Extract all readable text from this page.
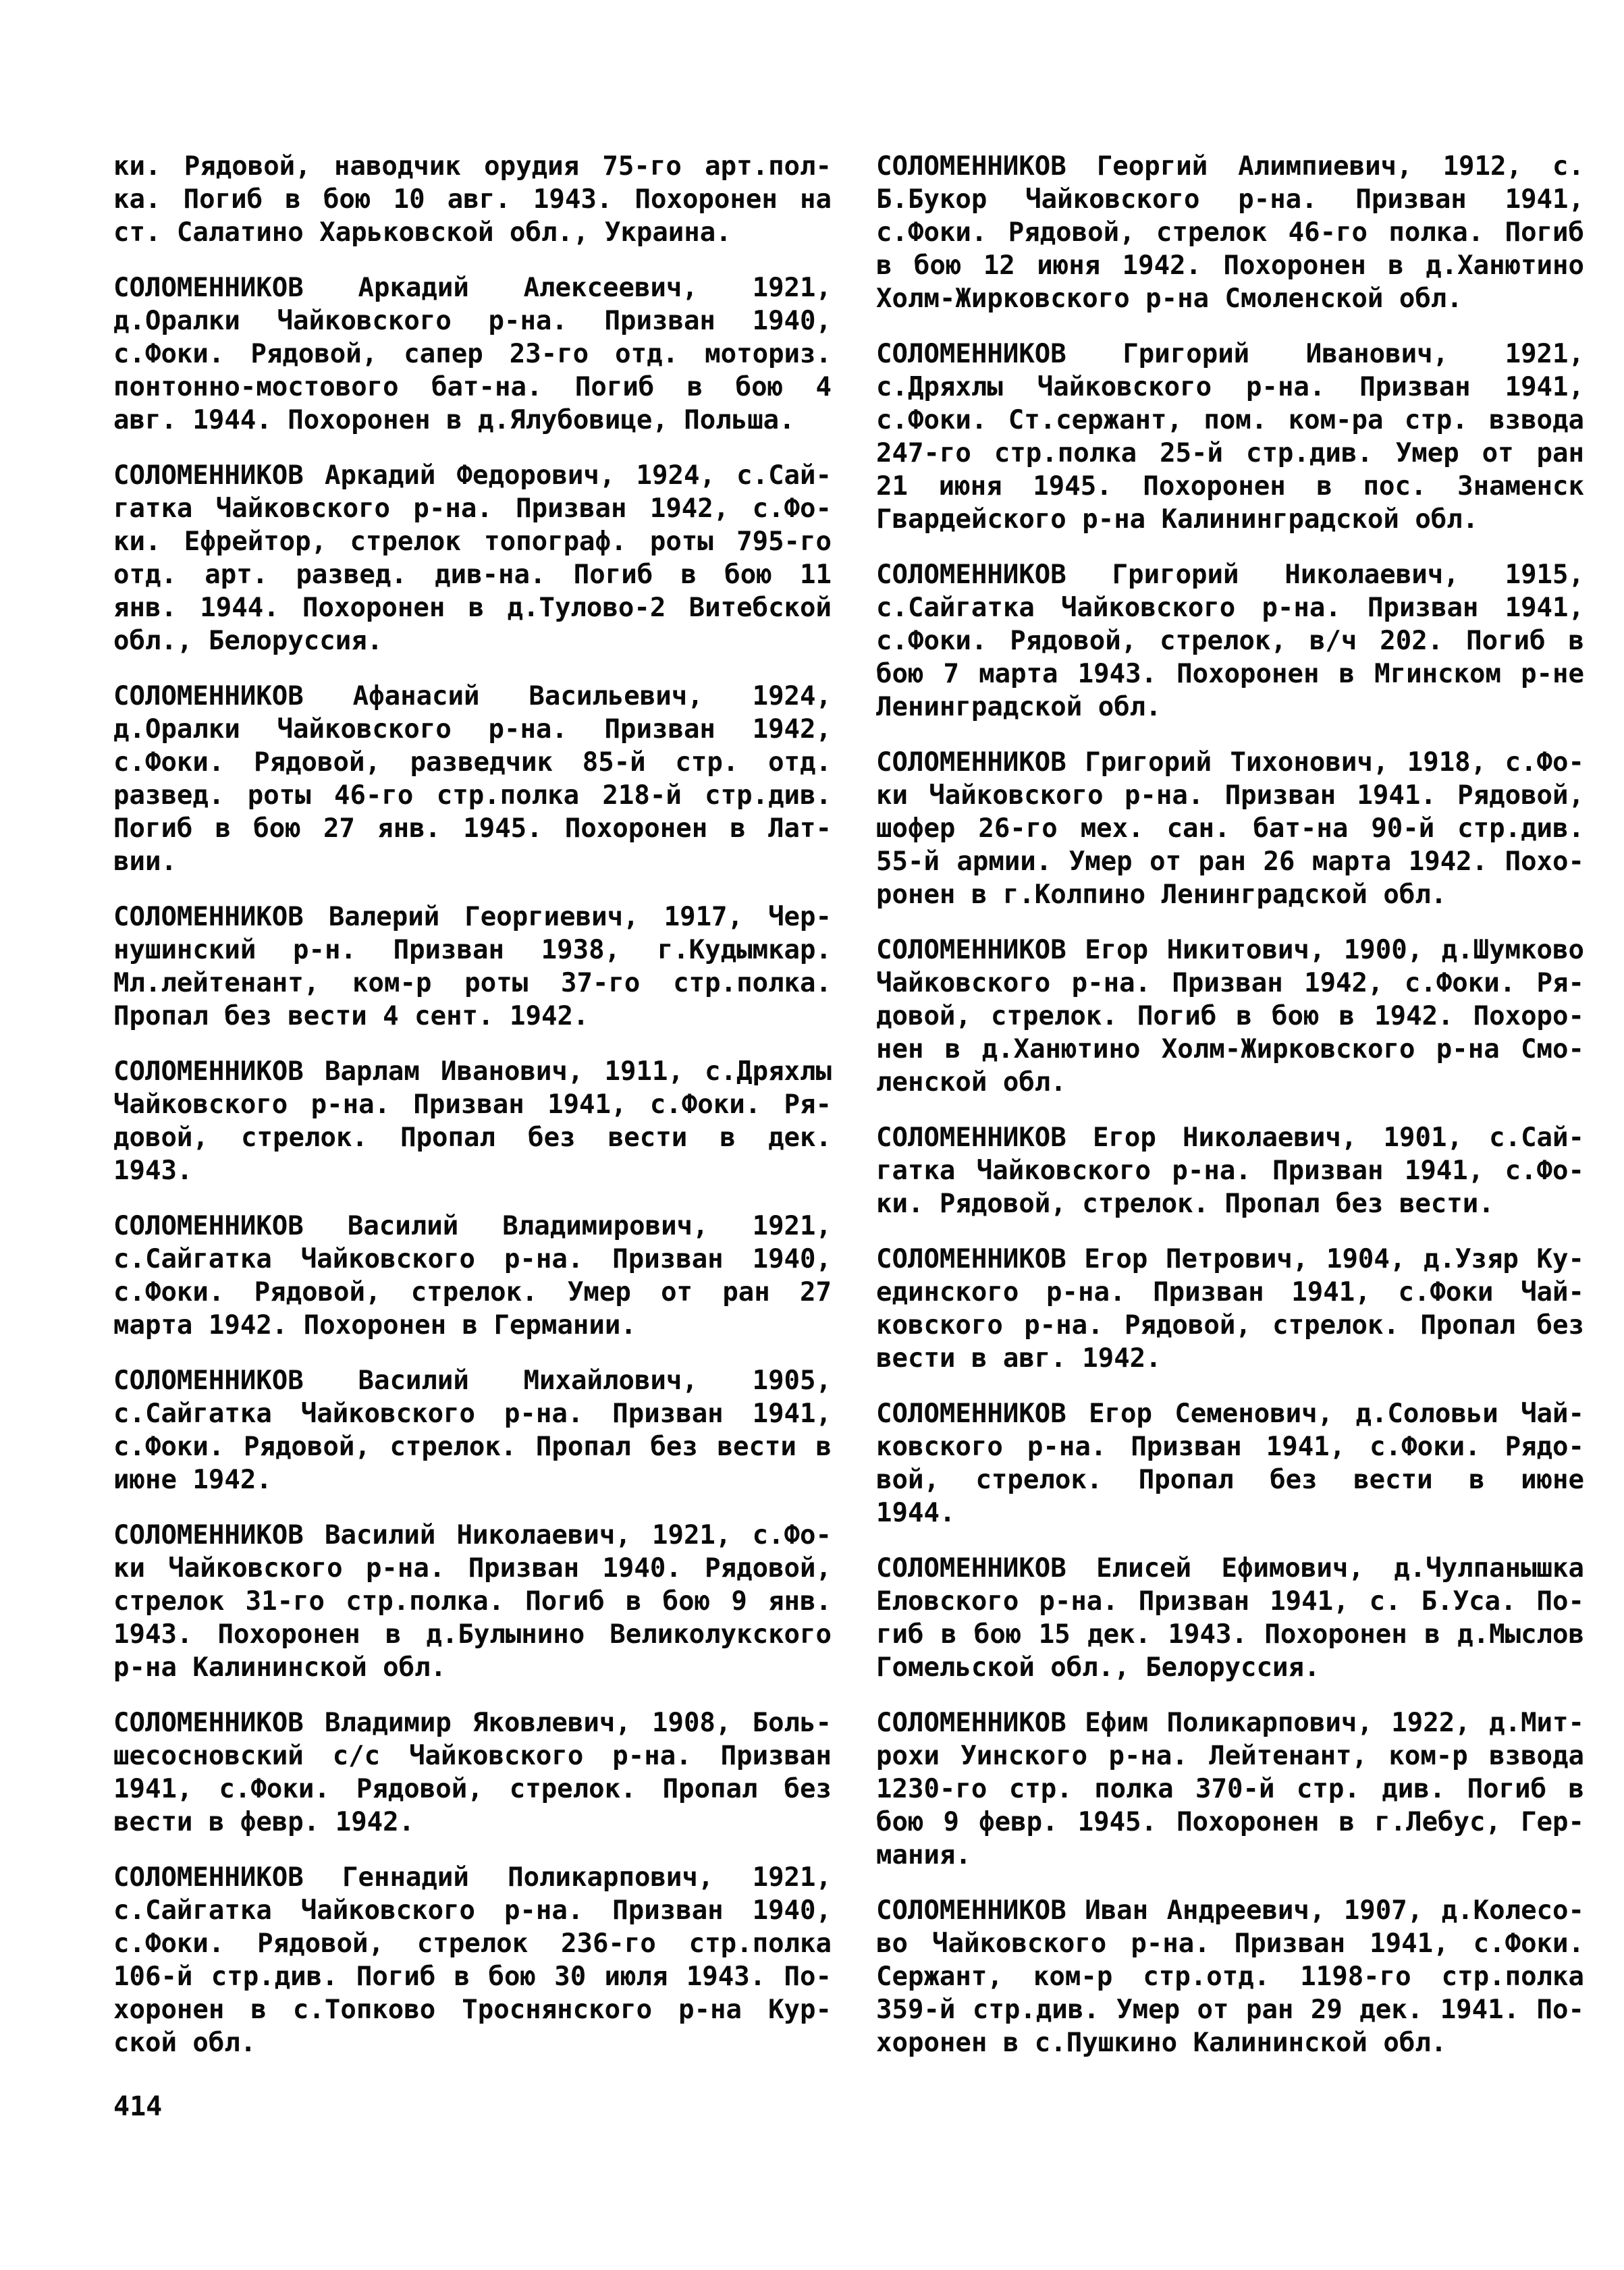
ки. Рядовой, наводчик орудия 75-го арт.пол-
ка. Погиб в бою 10 авг. 1943. Похоронен на
ст. Салатино Харьковской обл., Украина.
СОЛОМЕННИКОВ Аркадий Алексеевич, 1921,
д.Оралки Чайковского р-на. Призван 1940,
с.Фоки. Рядовой, сапер 23-го отд. моториз.
понтонно-мостового бат-на. Погиб в бою 4
авг. 1944. Похоронен в д.Ялубовице, Польша.
СОЛОМЕННИКОВ Аркадий Федорович, 1924, с.Сай-
гатка Чайковского р-на. Призван 1942, с.Фо-
ки. Ефрейтор, стрелок топограф. роты 795-го
отд. арт. развед. див-на. Погиб в бою 11
янв. 1944. Похоронен в д.Тулово-2 Витебской
обл., Белоруссия.
СОЛОМЕННИКОВ Афанасий Васильевич, 1924,
д.Оралки Чайковского р-на. Призван 1942,
с.Фоки. Рядовой, разведчик 85-й стр. отд.
развед. роты 46-го стр.полка 218-й стр.див.
Погиб в бою 27 янв. 1945. Похоронен в Лат-
вии.
СОЛОМЕННИКОВ Валерий Георгиевич, 1917, Чер-
нушинский р-н. Призван 1938, г.Кудымкар.
Мл.лейтенант, ком-р роты 37-го стр.полка.
Пропал без вести 4 сент. 1942.
СОЛОМЕННИКОВ Варлам Иванович, 1911, с.Дряхлы
Чайковского р-на. Призван 1941, с.Фоки. Ря-
довой, стрелок. Пропал без вести в дек.
1943.
СОЛОМЕННИКОВ Василий Владимирович, 1921,
с.Сайгатка Чайковского р-на. Призван 1940,
с.Фоки. Рядовой, стрелок. Умер от ран 27
марта 1942. Похоронен в Германии.
СОЛОМЕННИКОВ Василий Михайлович, 1905,
с.Сайгатка Чайковского р-на. Призван 1941,
с.Фоки. Рядовой, стрелок. Пропал без вести в
июне 1942.
СОЛОМЕННИКОВ Василий Николаевич, 1921, с.Фо-
ки Чайковского р-на. Призван 1940. Рядовой,
стрелок 31-го стр.полка. Погиб в бою 9 янв.
1943. Похоронен в д.Булынино Великолукского
р-на Калининской обл.
СОЛОМЕННИКОВ Владимир Яковлевич, 1908, Боль-
шесосновский с/с Чайковского р-на. Призван
1941, с.Фоки. Рядовой, стрелок. Пропал без
вести в февр. 1942.
СОЛОМЕННИКОВ Геннадий Поликарпович, 1921,
с.Сайгатка Чайковского р-на. Призван 1940,
с.Фоки. Рядовой, стрелок 236-го стр.полка
106-й стр.див. Погиб в бою 30 июля 1943. По-
хоронен в с.Топково Троснянского р-на Кур-
ской обл.
СОЛОМЕННИКОВ Георгий Алимпиевич, 1912, с.
Б.Букор Чайковского р-на. Призван 1941,
с.Фоки. Рядовой, стрелок 46-го полка. Погиб
в бою 12 июня 1942. Похоронен в д.Ханютино
Холм-Жирковского р-на Смоленской обл.
СОЛОМЕННИКОВ Григорий Иванович, 1921,
с.Дряхлы Чайковского р-на. Призван 1941,
с.Фоки. Ст.сержант, пом. ком-ра стр. взвода
247-го стр.полка 25-й стр.див. Умер от ран
21 июня 1945. Похоронен в пос. Знаменск
Гвардейского р-на Калининградской обл.
СОЛОМЕННИКОВ Григорий Николаевич, 1915,
с.Сайгатка Чайковского р-на. Призван 1941,
с.Фоки. Рядовой, стрелок, в/ч 202. Погиб в
бою 7 марта 1943. Похоронен в Мгинском р-не
Ленинградской обл.
СОЛОМЕННИКОВ Григорий Тихонович, 1918, с.Фо-
ки Чайковского р-на. Призван 1941. Рядовой,
шофер 26-го мех. сан. бат-на 90-й стр.див.
55-й армии. Умер от ран 26 марта 1942. Похо-
ронен в г.Колпино Ленинградской обл.
СОЛОМЕННИКОВ Егор Никитович, 1900, д.Шумково
Чайковского р-на. Призван 1942, с.Фоки. Ря-
довой, стрелок. Погиб в бою в 1942. Похоро-
нен в д.Ханютино Холм-Жирковского р-на Смо-
ленской обл.
СОЛОМЕННИКОВ Егор Николаевич, 1901, с.Сай-
гатка Чайковского р-на. Призван 1941, с.Фо-
ки. Рядовой, стрелок. Пропал без вести.
СОЛОМЕННИКОВ Егор Петрович, 1904, д.Узяр Ку-
единского р-на. Призван 1941, с.Фоки Чай-
ковского р-на. Рядовой, стрелок. Пропал без
вести в авг. 1942.
СОЛОМЕННИКОВ Егор Семенович, д.Соловьи Чай-
ковского р-на. Призван 1941, с.Фоки. Рядо-
вой, стрелок. Пропал без вести в июне
1944.
СОЛОМЕННИКОВ Елисей Ефимович, д.Чулпанышка
Еловского р-на. Призван 1941, с. Б.Уса. По-
гиб в бою 15 дек. 1943. Похоронен в д.Мыслов
Гомельской обл., Белоруссия.
СОЛОМЕННИКОВ Ефим Поликарпович, 1922, д.Мит-
рохи Уинского р-на. Лейтенант, ком-р взвода
1230-го стр. полка 370-й стр. див. Погиб в
бою 9 февр. 1945. Похоронен в г.Лебус, Гер-
мания.
СОЛОМЕННИКОВ Иван Андреевич, 1907, д.Колесо-
во Чайковского р-на. Призван 1941, с.Фоки.
Сержант, ком-р стр.отд. 1198-го стр.полка
359-й стр.див. Умер от ран 29 дек. 1941. По-
хоронен в с.Пушкино Калининской обл.
414
